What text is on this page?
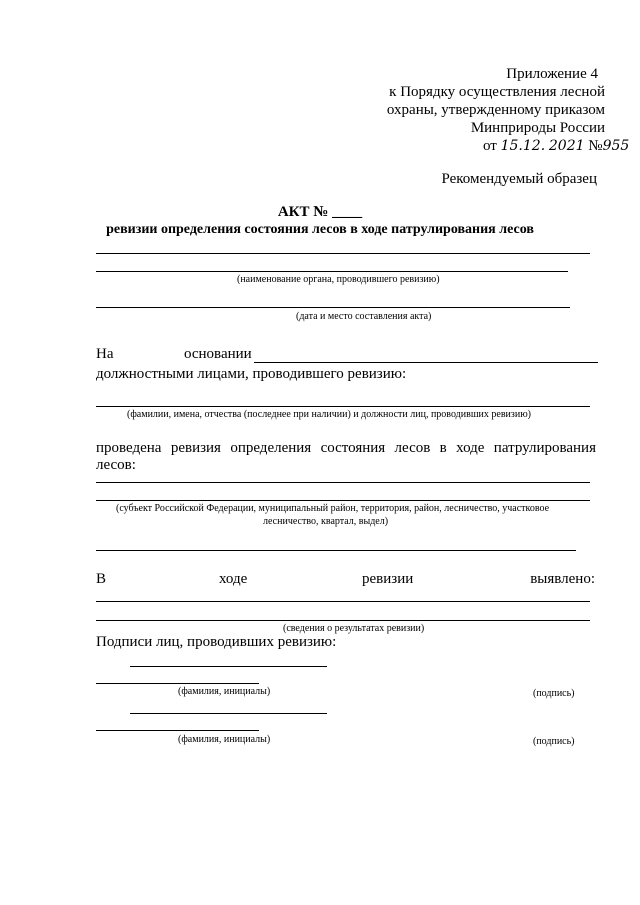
Приложение 4
к Порядку осуществления лесной
охраны, утвержденному приказом
Минприроды России
от 15.12. 2021 №955
Рекомендуемый образец
АКТ № ____
ревизии определения состояния лесов в ходе патрулирования лесов
(наименование органа, проводившего ревизию)
(дата и место составления акта)
На	основании
должностными лицами, проводившего ревизию:
(фамилии, имена, отчества (последнее при наличии) и должности лиц, проводивших ревизию)
проведена ревизия определения состояния лесов в ходе патрулирования
лесов:
(субъект Российской Федерации, муниципальный район, территория, район, лесничество, участковое
лесничество, квартал, выдел)
В	ходе	ревизии	выявлено:
(сведения о результатах ревизии)
Подписи лиц, проводивших ревизию:
(фамилия, инициалы)	(подпись)
(фамилия, инициалы)	(подпись)
